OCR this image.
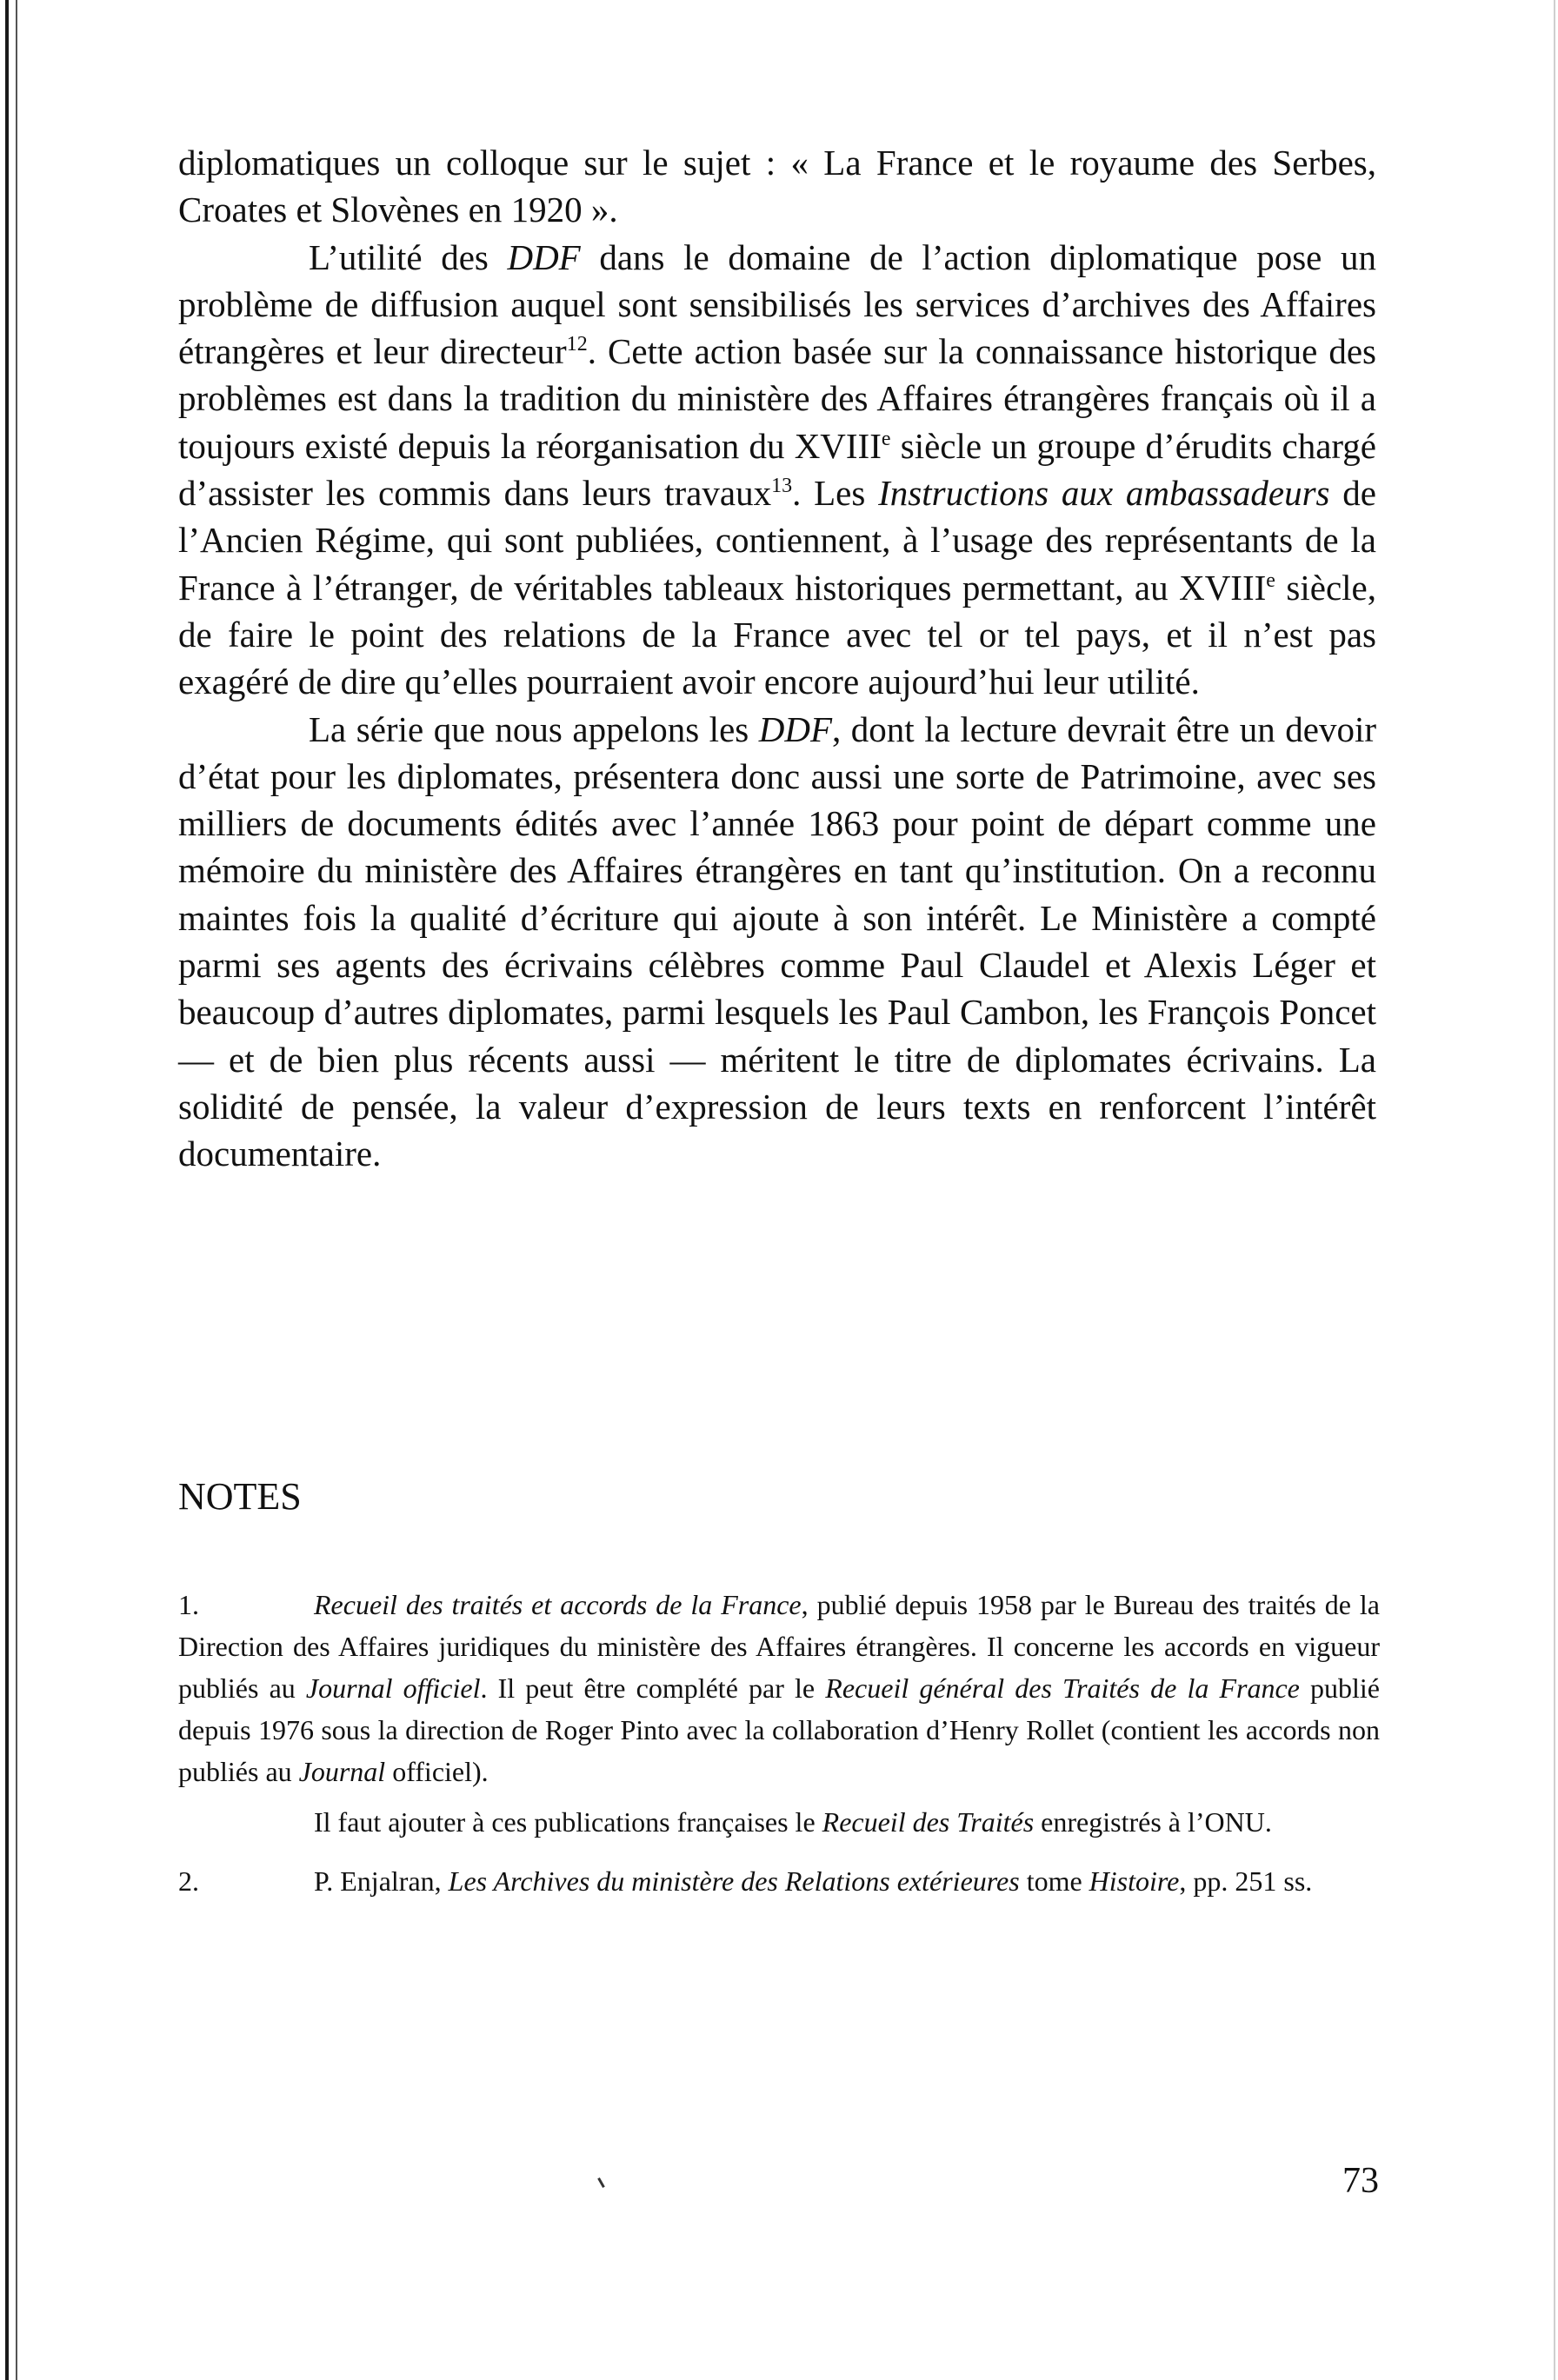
diplomatiques un colloque sur le sujet : « La France et le royaume des Serbes, Croates et Slovènes en 1920 ».

L’utilité des DDF dans le domaine de l’action diplomatique pose un problème de diffusion auquel sont sensibilisés les services d’archives des Affaires étrangères et leur directeur$^{12}$. Cette action basée sur la connaissance historique des problèmes est dans la tradition du ministère des Affaires étrangères français où il a toujours existé depuis la réorganisation du XVIIIe siècle un groupe d’érudits chargé d’assister les commis dans leurs travaux$^{13}$. Les Instructions aux ambassadeurs de l’Ancien Régime, qui sont publiées, contiennent, à l’usage des représentants de la France à l’étranger, de véritables tableaux historiques permettant, au XVIIIe siècle, de faire le point des relations de la France avec tel or tel pays, et il n’est pas exagéré de dire qu’elles pourraient avoir encore aujourd’hui leur utilité.

La série que nous appelons les DDF, dont la lecture devrait être un devoir d’état pour les diplomates, présentera donc aussi une sorte de Patrimoine, avec ses milliers de documents édités avec l’année 1863 pour point de départ comme une mémoire du ministère des Affaires étrangères en tant qu’institution. On a reconnu maintes fois la qualité d’écriture qui ajoute à son intérêt. Le Ministère a compté parmi ses agents des écrivains célèbres comme Paul Claudel et Alexis Léger et beaucoup d’autres diplomates, parmi lesquels les Paul Cambon, les François Poncet — et de bien plus récents aussi — méritent le titre de diplomates écrivains. La solidité de pensée, la valeur d’expression de leurs texts en renforcent l’intérêt documentaire.

NOTES

1.	Recueil des traités et accords de la France, publié depuis 1958 par le Bureau des traités de la Direction des Affaires juridiques du ministère des Affaires étrangères. Il concerne les accords en vigueur publiés au Journal officiel. Il peut être complété par le Recueil général des Traités de la France publié depuis 1976 sous la direction de Roger Pinto avec la collaboration d’Henry Rollet (contient les accords non publiés au Journal officiel).

Il faut ajouter à ces publications françaises le Recueil des Traités enregistrés à l’ONU.

2.	P. Enjalran, Les Archives du ministère des Relations extérieures tome Histoire, pp. 251 ss.

73
